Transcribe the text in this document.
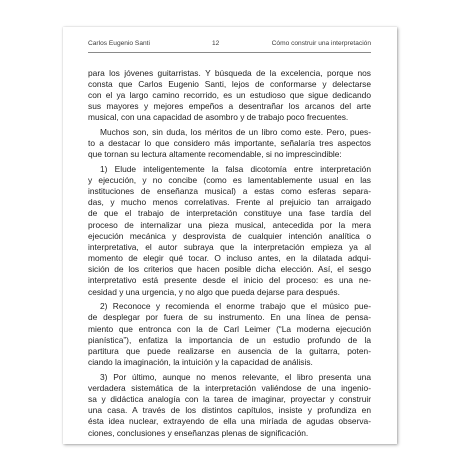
Carlos Eugenio Santi	12	Cómo construir una interpretación
para los jóvenes guitarristas. Y búsqueda de la excelencia, porque nos
consta que Carlos Eugenio Santi, lejos de conformarse y delectarse
con el ya largo camino recorrido, es un estudioso que sigue dedicando
sus mayores y mejores empeños a desentrañar los arcanos del arte
musical, con una capacidad de asombro y de trabajo poco frecuentes.
Muchos son, sin duda, los méritos de un libro como este. Pero, pues-
to a destacar lo que considero más importante, señalaría tres aspectos
que tornan su lectura altamente recomendable, si no imprescindible:
1) Elude inteligentemente la falsa dicotomía entre interpretación
y ejecución, y no concibe (como es lamentablemente usual en las
instituciones de enseñanza musical) a estas como esferas separa-
das, y mucho menos correlativas. Frente al prejuicio tan arraigado
de que el trabajo de interpretación constituye una fase tardía del
proceso de internalizar una pieza musical, antecedida por la mera
ejecución mecánica y desprovista de cualquier intención analítica o
interpretativa, el autor subraya que la interpretación empieza ya al
momento de elegir qué tocar. O incluso antes, en la dilatada adqui-
sición de los criterios que hacen posible dicha elección. Así, el sesgo
interpretativo está presente desde el inicio del proceso: es una ne-
cesidad y una urgencia, y no algo que pueda dejarse para después.
2) Reconoce y recomienda el enorme trabajo que el músico pue-
de desplegar por fuera de su instrumento. En una línea de pensa-
miento que entronca con la de Carl Leimer (“La moderna ejecución
pianística”), enfatiza la importancia de un estudio profundo de la
partitura que puede realizarse en ausencia de la guitarra, poten-
ciando la imaginación, la intuición y la capacidad de análisis.
3) Por último, aunque no menos relevante, el libro presenta una
verdadera sistemática de la interpretación valiéndose de una ingenio-
sa y didáctica analogía con la tarea de imaginar, proyectar y construir
una casa. A través de los distintos capítulos, insiste y profundiza en
ésta idea nuclear, extrayendo de ella una miríada de agudas observa-
ciones, conclusiones y enseñanzas plenas de significación.
